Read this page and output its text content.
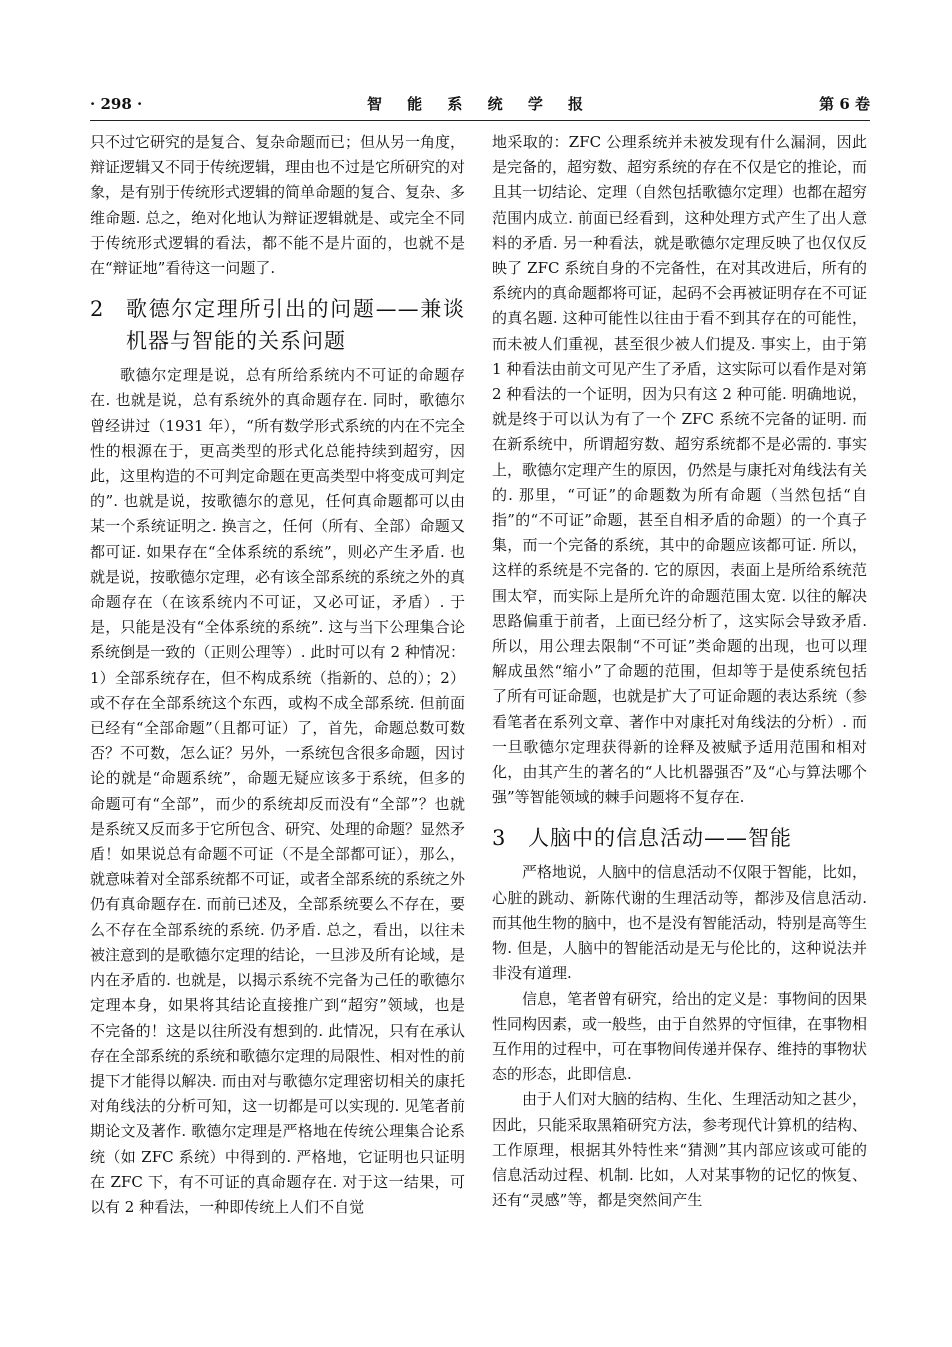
· 298 ·	智 能 系 统 学 报	第 6 卷

只不过它研究的是复合、复杂命题而已；但从另一角度，辩证逻辑又不同于传统逻辑，理由也不过是它所研究的对象，是有别于传统形式逻辑的简单命题的复合、复杂、多维命题. 总之，绝对化地认为辩证逻辑就是、或完全不同于传统形式逻辑的看法，都不能不是片面的，也就不是在“辩证地”看待这一问题了.

2	歌德尔定理所引出的问题——兼谈机器与智能的关系问题

歌德尔定理是说，总有所给系统内不可证的命题存在. 也就是说，总有系统外的真命题存在. 同时，歌德尔曾经讲过（1931 年），“所有数学形式系统的内在不完全性的根源在于，更高类型的形式化总能持续到超穷，因此，这里构造的不可判定命题在更高类型中将变成可判定的”. 也就是说，按歌德尔的意见，任何真命题都可以由某一个系统证明之. 换言之，任何（所有、全部）命题又都可证. 如果存在“全体系统的系统”，则必产生矛盾. 也就是说，按歌德尔定理，必有该全部系统的系统之外的真命题存在（在该系统内不可证，又必可证，矛盾）. 于是，只能是没有“全体系统的系统”. 这与当下公理集合论系统倒是一致的（正则公理等）. 此时可以有 2 种情况：1）全部系统存在，但不构成系统（指新的、总的）；2）或不存在全部系统这个东西，或构不成全部系统. 但前面已经有“全部命题”（且都可证）了，首先，命题总数可数否？不可数，怎么证？另外，一系统包含很多命题，因讨论的就是“命题系统”，命题无疑应该多于系统，但多的命题可有“全部”，而少的系统却反而没有“全部”？也就是系统又反而多于它所包含、研究、处理的命题？显然矛盾！如果说总有命题不可证（不是全部都可证），那么，就意味着对全部系统都不可证，或者全部系统的系统之外仍有真命题存在. 而前已述及，全部系统要么不存在，要么不存在全部系统的系统. 仍矛盾. 总之，看出，以往未被注意到的是歌德尔定理的结论，一旦涉及所有论域，是内在矛盾的. 也就是，以揭示系统不完备为己任的歌德尔定理本身，如果将其结论直接推广到“超穷”领域，也是不完备的！这是以往所没有想到的. 此情况，只有在承认存在全部系统的系统和歌德尔定理的局限性、相对性的前提下才能得以解决. 而由对与歌德尔定理密切相关的康托对角线法的分析可知，这一切都是可以实现的. 见笔者前期论文及著作. 歌德尔定理是严格地在传统公理集合论系统（如 ZFC 系统）中得到的. 严格地，它证明也只证明在 ZFC 下，有不可证的真命题存在. 对于这一结果，可以有 2 种看法，一种即传统上人们不自觉

地采取的：ZFC 公理系统并未被发现有什么漏洞，因此是完备的，超穷数、超穷系统的存在不仅是它的推论，而且其一切结论、定理（自然包括歌德尔定理）也都在超穷范围内成立. 前面已经看到，这种处理方式产生了出人意料的矛盾. 另一种看法，就是歌德尔定理反映了也仅仅反映了 ZFC 系统自身的不完备性，在对其改进后，所有的系统内的真命题都将可证，起码不会再被证明存在不可证的真名题. 这种可能性以往由于看不到其存在的可能性，而未被人们重视，甚至很少被人们提及. 事实上，由于第 1 种看法由前文可见产生了矛盾，这实际可以看作是对第 2 种看法的一个证明，因为只有这 2 种可能. 明确地说，就是终于可以认为有了一个 ZFC 系统不完备的证明. 而在新系统中，所谓超穷数、超穷系统都不是必需的. 事实上，歌德尔定理产生的原因，仍然是与康托对角线法有关的. 那里，“可证”的命题数为所有命题（当然包括“自指”的“不可证”命题，甚至自相矛盾的命题）的一个真子集，而一个完备的系统，其中的命题应该都可证. 所以，这样的系统是不完备的. 它的原因，表面上是所给系统范围太窄，而实际上是所允许的命题范围太宽. 以往的解决思路偏重于前者，上面已经分析了，这实际会导致矛盾. 所以，用公理去限制“不可证”类命题的出现，也可以理解成虽然“缩小”了命题的范围，但却等于是使系统包括了所有可证命题，也就是扩大了可证命题的表达系统（参看笔者在系列文章、著作中对康托对角线法的分析）. 而一旦歌德尔定理获得新的诠释及被赋予适用范围和相对化，由其产生的著名的“人比机器强否”及“心与算法哪个强”等智能领域的棘手问题将不复存在.

3	人脑中的信息活动——智能

严格地说，人脑中的信息活动不仅限于智能，比如，心脏的跳动、新陈代谢的生理活动等，都涉及信息活动. 而其他生物的脑中，也不是没有智能活动，特别是高等生物. 但是，人脑中的智能活动是无与伦比的，这种说法并非没有道理.

信息，笔者曾有研究，给出的定义是：事物间的因果性同构因素，或一般些，由于自然界的守恒律，在事物相互作用的过程中，可在事物间传递并保存、维持的事物状态的形态，此即信息.

由于人们对大脑的结构、生化、生理活动知之甚少，因此，只能采取黑箱研究方法，参考现代计算机的结构、工作原理，根据其外特性来“猜测”其内部应该或可能的信息活动过程、机制. 比如，人对某事物的记忆的恢复、还有“灵感”等，都是突然间产生
